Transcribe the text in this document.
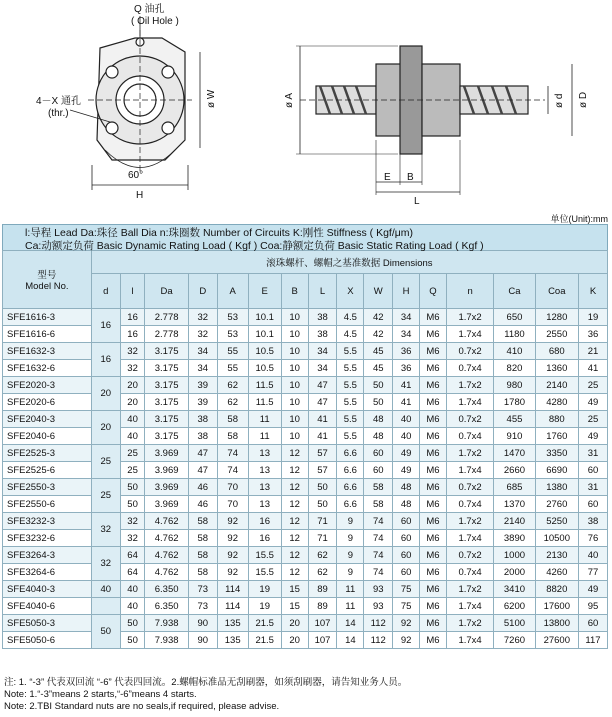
Q 油孔
( Oil Hole )
4－X 通孔
(thr.)
ø W
60°
H
ø A	ø d ø D
E B
L
单位(Unit):mm
l:导程 Lead Da:珠径 Ball Dia n:珠圈数 Number of Circuits K:刚性 Stiffness ( Kgf/μm)
Ca:动额定负荷 Basic Dynamic Rating Load ( Kgf ) Coa:静额定负荷 Basic Static Rating Load ( Kgf )
型号
Model No.	滚珠螺杆、螺帽之基准数据 Dimensions															
	d	l	Da	D	A	E	B	L	X	W	H	Q	n	Ca	Coa	K
SFE1616-3	16	16	2.778	32	53	10.1	10	38	4.5	42	34	M6	1.7x2	650	1280	19
SFE1616-6		16	2.778	32	53	10.1	10	38	4.5	42	34	M6	1.7x4	1180	2550	36
SFE1632-3	16	32	3.175	34	55	10.5	10	34	5.5	45	36	M6	0.7x2	410	680	21
SFE1632-6		32	3.175	34	55	10.5	10	34	5.5	45	36	M6	0.7x4	820	1360	41
SFE2020-3	20	20	3.175	39	62	11.5	10	47	5.5	50	41	M6	1.7x2	980	2140	25
SFE2020-6		20	3.175	39	62	11.5	10	47	5.5	50	41	M6	1.7x4	1780	4280	49
SFE2040-3	20	40	3.175	38	58	11	10	41	5.5	48	40	M6	0.7x2	455	880	25
SFE2040-6		40	3.175	38	58	11	10	41	5.5	48	40	M6	0.7x4	910	1760	49
SFE2525-3	25	25	3.969	47	74	13	12	57	6.6	60	49	M6	1.7x2	1470	3350	31
SFE2525-6		25	3.969	47	74	13	12	57	6.6	60	49	M6	1.7x4	2660	6690	60
SFE2550-3	25	50	3.969	46	70	13	12	50	6.6	58	48	M6	0.7x2	685	1380	31
SFE2550-6		50	3.969	46	70	13	12	50	6.6	58	48	M6	0.7x4	1370	2760	60
SFE3232-3	32	32	4.762	58	92	16	12	71	9	74	60	M6	1.7x2	2140	5250	38
SFE3232-6		32	4.762	58	92	16	12	71	9	74	60	M6	1.7x4	3890	10500	76
SFE3264-3	32	64	4.762	58	92	15.5	12	62	9	74	60	M6	0.7x2	1000	2130	40
SFE3264-6		64	4.762	58	92	15.5	12	62	9	74	60	M6	0.7x4	2000	4260	77
SFE4040-3	40	40	6.350	73	114	19	15	89	11	93	75	M6	1.7x2	3410	8820	49
SFE4040-6		40	6.350	73	114	19	15	89	11	93	75	M6	1.7x4	6200	17600	95
SFE5050-3	50	50	7.938	90	135	21.5	20	107	14	112	92	M6	1.7x2	5100	13800	60
SFE5050-6		50	7.938	90	135	21.5	20	107	14	112	92	M6	1.7x4	7260	27600	117
注: 1. “-3” 代表双回流 “-6” 代表四回流。2.螺帽标准品无刮刷器，如须刮刷器，请告知业务人员。
Note: 1.“-3”means 2 starts,“-6”means 4 starts.
Note: 2.TBI Standard nuts are no seals,if required, please advise.
